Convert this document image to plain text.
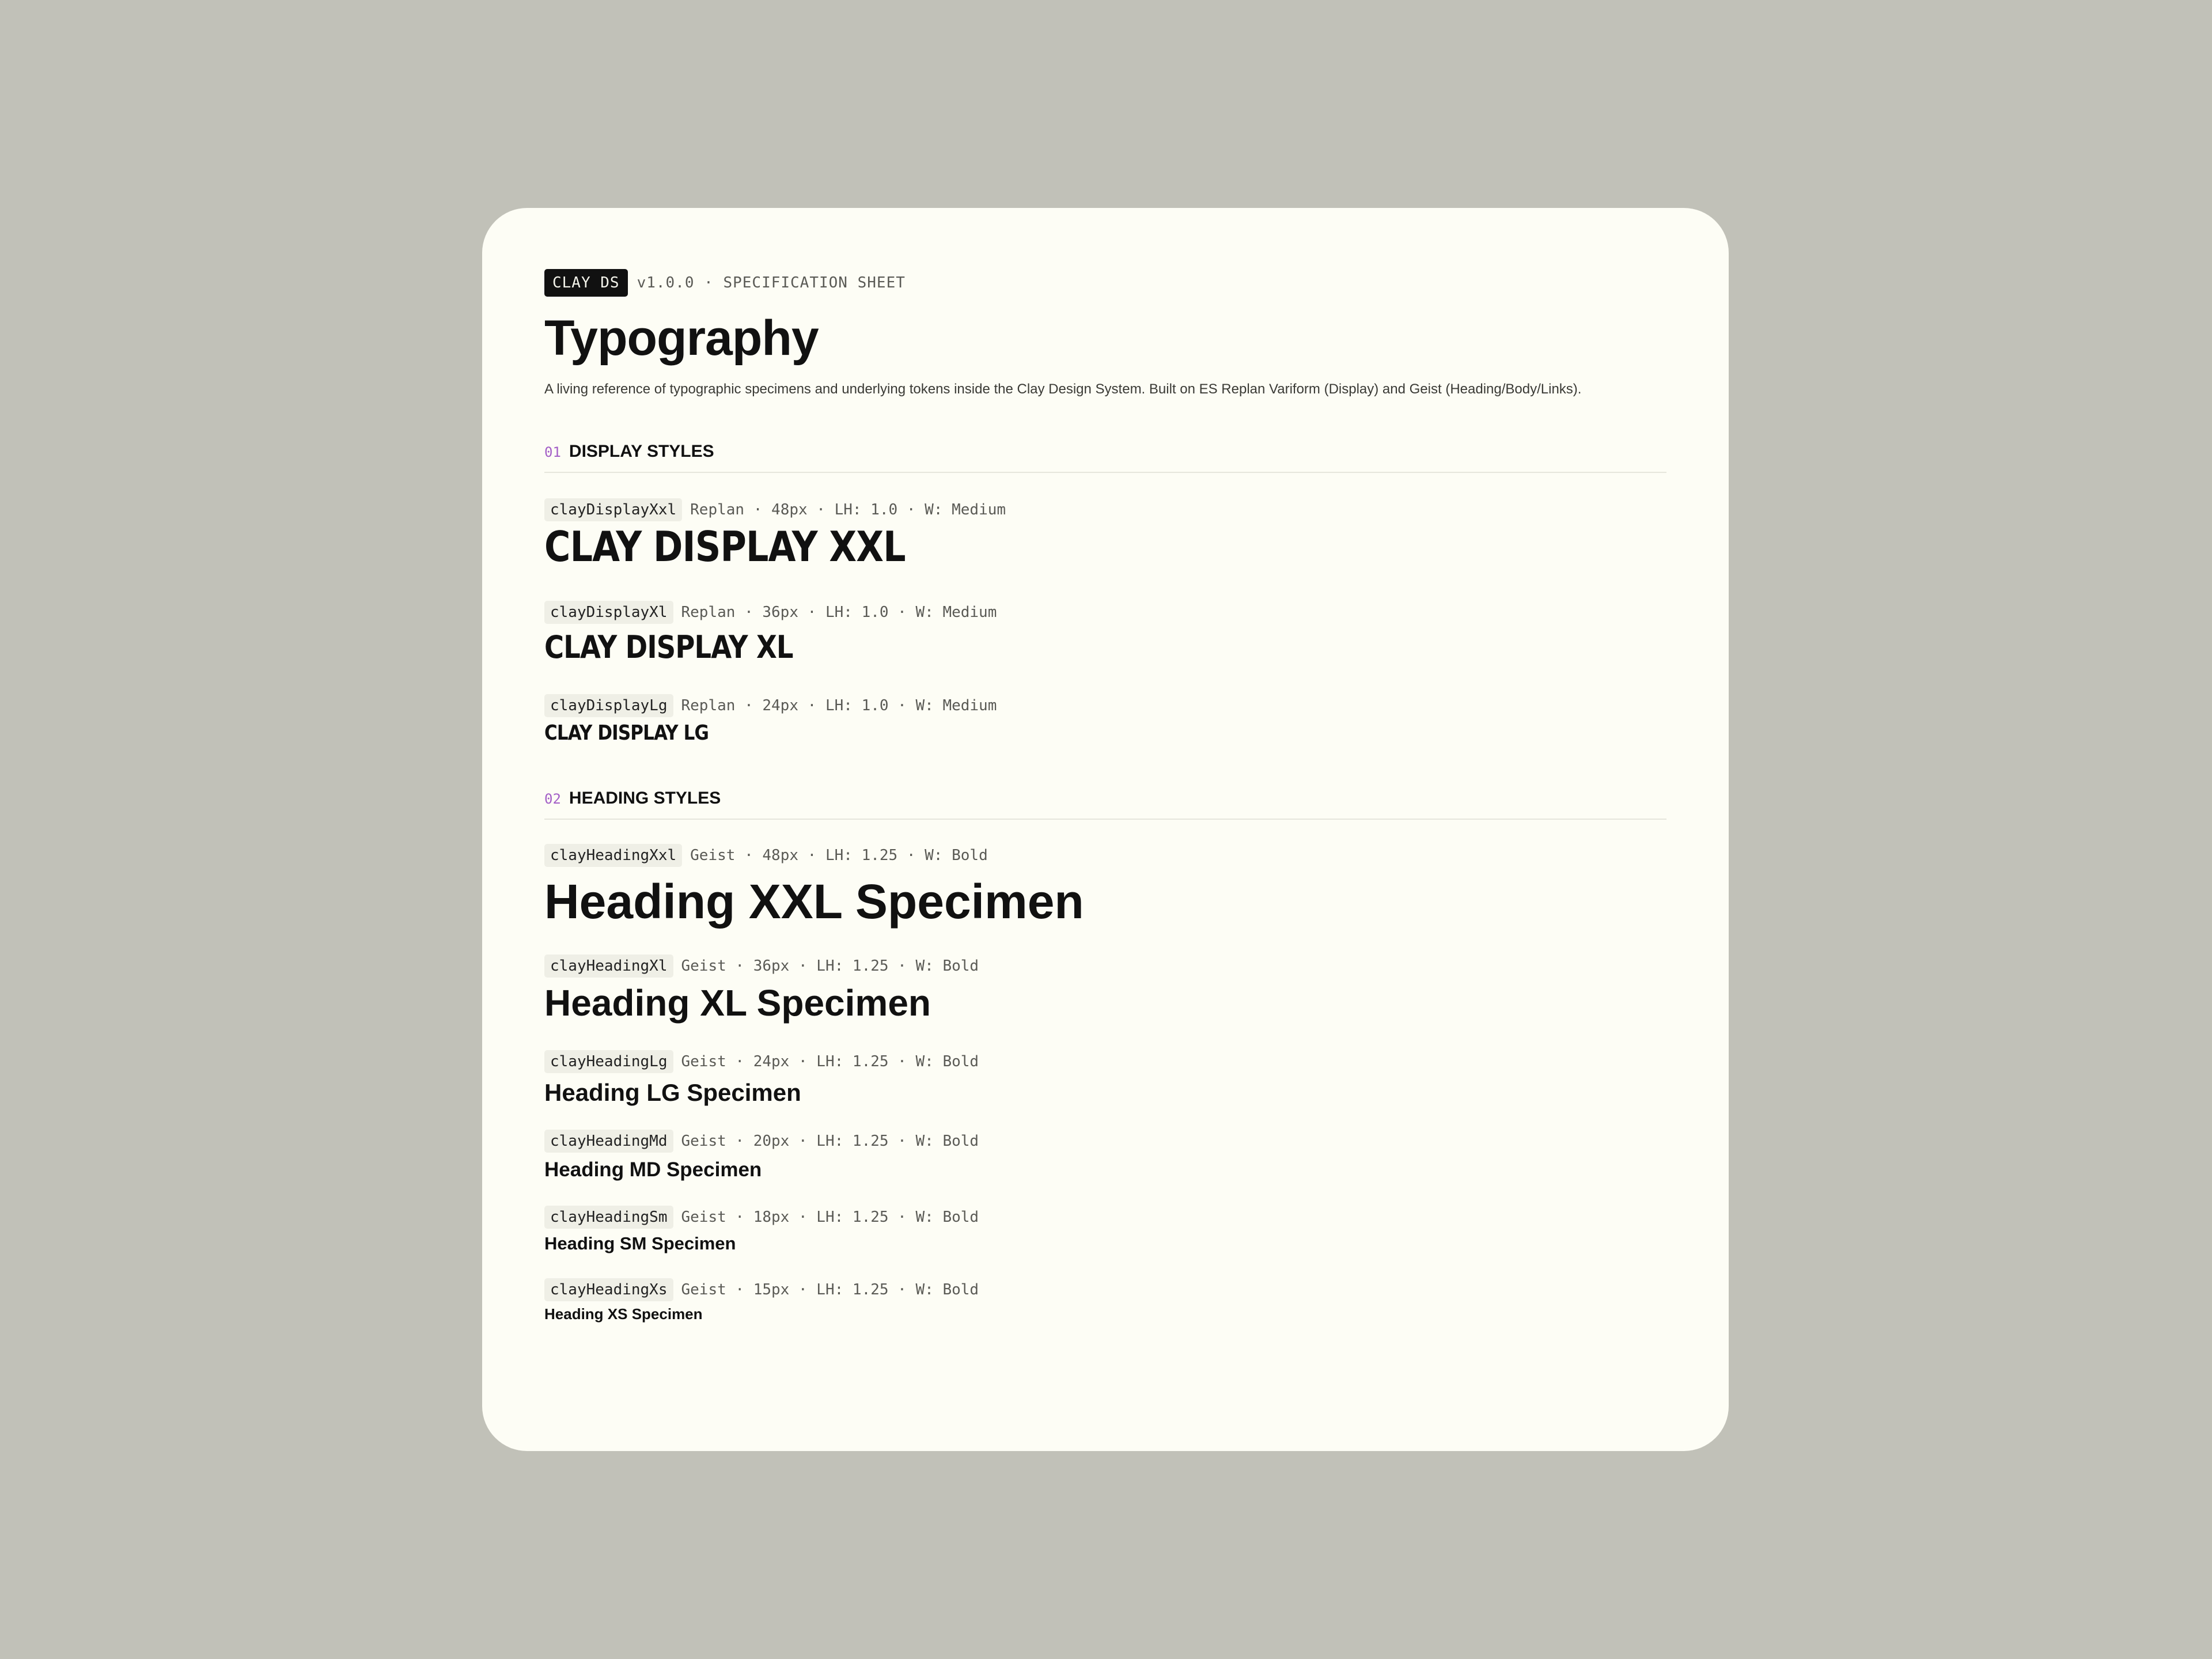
CLAY DS	v1.0.0 · SPECIFICATION SHEET
Typography
A living reference of typographic specimens and underlying tokens inside the Clay Design System. Built on ES Replan Variform (Display) and Geist (Heading/Body/Links).
01 DISPLAY STYLES
clayDisplayXxl Replan · 48px · LH: 1.0 · W: Medium
CLAY DISPLAY XXL
clayDisplayXl Replan · 36px · LH: 1.0 · W: Medium
CLAY DISPLAY XL
clayDisplayLg Replan · 24px · LH: 1.0 · W: Medium
CLAY DISPLAY LG
02 HEADING STYLES
clayHeadingXxl Geist · 48px · LH: 1.25 · W: Bold
Heading XXL Specimen
clayHeadingXl Geist · 36px · LH: 1.25 · W: Bold
Heading XL Specimen
clayHeadingLg Geist · 24px · LH: 1.25 · W: Bold
Heading LG Specimen
clayHeadingMd Geist · 20px · LH: 1.25 · W: Bold
Heading MD Specimen
clayHeadingSm Geist · 18px · LH: 1.25 · W: Bold
Heading SM Specimen
clayHeadingXs Geist · 15px · LH: 1.25 · W: Bold
Heading XS Specimen
